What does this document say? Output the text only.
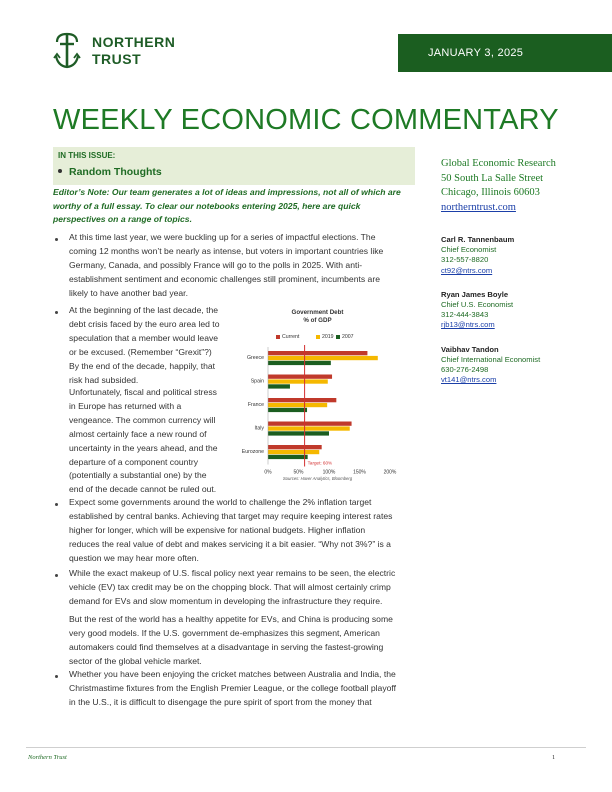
NORTHERN
TRUST	JANUARY 3, 2025
WEEKLY ECONOMIC COMMENTARY
IN THIS ISSUE:
Random Thoughts
Editor’s Note: Our team generates a lot of ideas and impressions, not all of which are worthy of a full essay. To clear our notebooks entering 2025, here are quick perspectives on a range of topics.
At this time last year, we were buckling up for a series of impactful elections. The
coming 12 months won’t be nearly as intense, but voters in important countries like
Germany, Canada, and possibly France will go to the polls in 2025. With anti-
establishment sentiment and economic challenges still prominent, incumbents are
likely to have another bad year.
At the beginning of the last decade, the
debt crisis faced by the euro area led to
speculation that a member would leave
or be excused. (Remember “Grexit”?)
By the end of the decade, happily, that
risk had subsided.
Unfortunately, fiscal and political stress
in Europe has returned with a
vengeance. The common currency will
almost certainly face a new round of
uncertainty in the years ahead, and the
departure of a component country
(potentially a substantial one) by the
end of the decade cannot be ruled out.
Government Debt
% of GDP
Current	2019	2007
Greece
Spain
France
Italy
Eurozone
0%	50%	100%	150%	200%
Target: 60%
Sources: Haver Analytics, Bloomberg
Expect some governments around the world to challenge the 2% inflation target
established by central banks. Achieving that target may require keeping interest rates
higher for longer, which will be expensive for national budgets. Higher inflation
reduces the real value of debt and makes servicing it a bit easier. “Why not 3%?” is a
question we may hear more often.
While the exact makeup of U.S. fiscal policy next year remains to be seen, the electric
vehicle (EV) tax credit may be on the chopping block. That will almost certainly crimp
demand for EVs and slow momentum in developing the infrastructure they require.
But the rest of the world has a healthy appetite for EVs, and China is producing some
very good models. If the U.S. government de-emphasizes this segment, American
automakers could find themselves at a disadvantage in serving the fastest-growing
sector of the global vehicle market.
Whether you have been enjoying the cricket matches between Australia and India, the
Christmastime fixtures from the English Premier League, or the college football playoff
in the U.S., it is difficult to disengage the pure spirit of sport from the money that
Global Economic Research
50 South La Salle Street
Chicago, Illinois 60603
northerntrust.com
Carl R. Tannenbaum
Chief Economist
312-557-8820
ct92@ntrs.com
Ryan James Boyle
Chief U.S. Economist
312-444-3843
rjb13@ntrs.com
Vaibhav Tandon
Chief International Economist
630-276-2498
vt141@ntrs.com
Northern Trust	1
